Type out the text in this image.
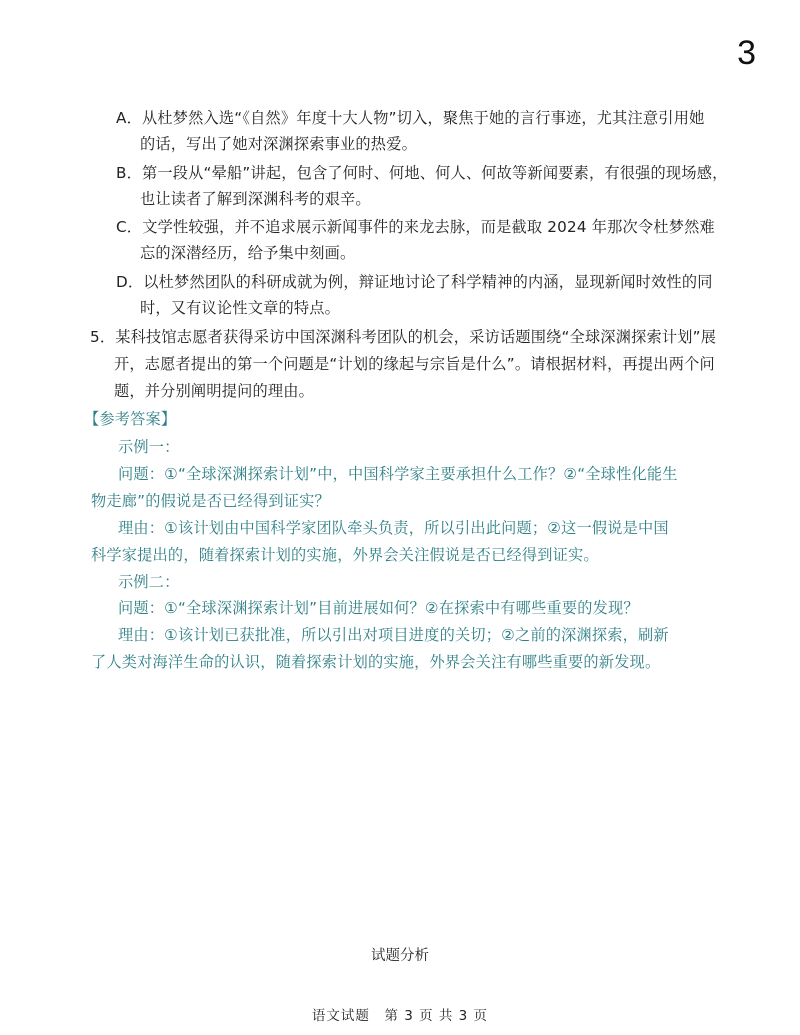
3
A．从杜梦然入选“《自然》年度十大人物”切入，聚焦于她的言行事迹，尤其注意引用她
的话，写出了她对深渊探索事业的热爱。
B．第一段从“晕船”讲起，包含了何时、何地、何人、何故等新闻要素，有很强的现场感，
也让读者了解到深渊科考的艰辛。
C．文学性较强，并不追求展示新闻事件的来龙去脉，而是截取 2024 年那次令杜梦然难
忘的深潜经历，给予集中刻画。
D．以杜梦然团队的科研成就为例，辩证地讨论了科学精神的内涵，显现新闻时效性的同
时，又有议论性文章的特点。
5．某科技馆志愿者获得采访中国深渊科考团队的机会，采访话题围绕“全球深渊探索计划”展
开，志愿者提出的第一个问题是“计划的缘起与宗旨是什么”。请根据材料，再提出两个问
题，并分别阐明提问的理由。
【参考答案】
示例一：
问题：①“全球深渊探索计划”中，中国科学家主要承担什么工作？②“全球性化能生
物走廊”的假说是否已经得到证实？
理由：①该计划由中国科学家团队牵头负责，所以引出此问题；②这一假说是中国
科学家提出的，随着探索计划的实施，外界会关注假说是否已经得到证实。
示例二：
问题：①“全球深渊探索计划”目前进展如何？②在探索中有哪些重要的发现？
理由：①该计划已获批准，所以引出对项目进度的关切；②之前的深渊探索，刷新
了人类对海洋生命的认识，随着探索计划的实施，外界会关注有哪些重要的新发现。
试题分析
语文试题　第 3 页 共 3 页
